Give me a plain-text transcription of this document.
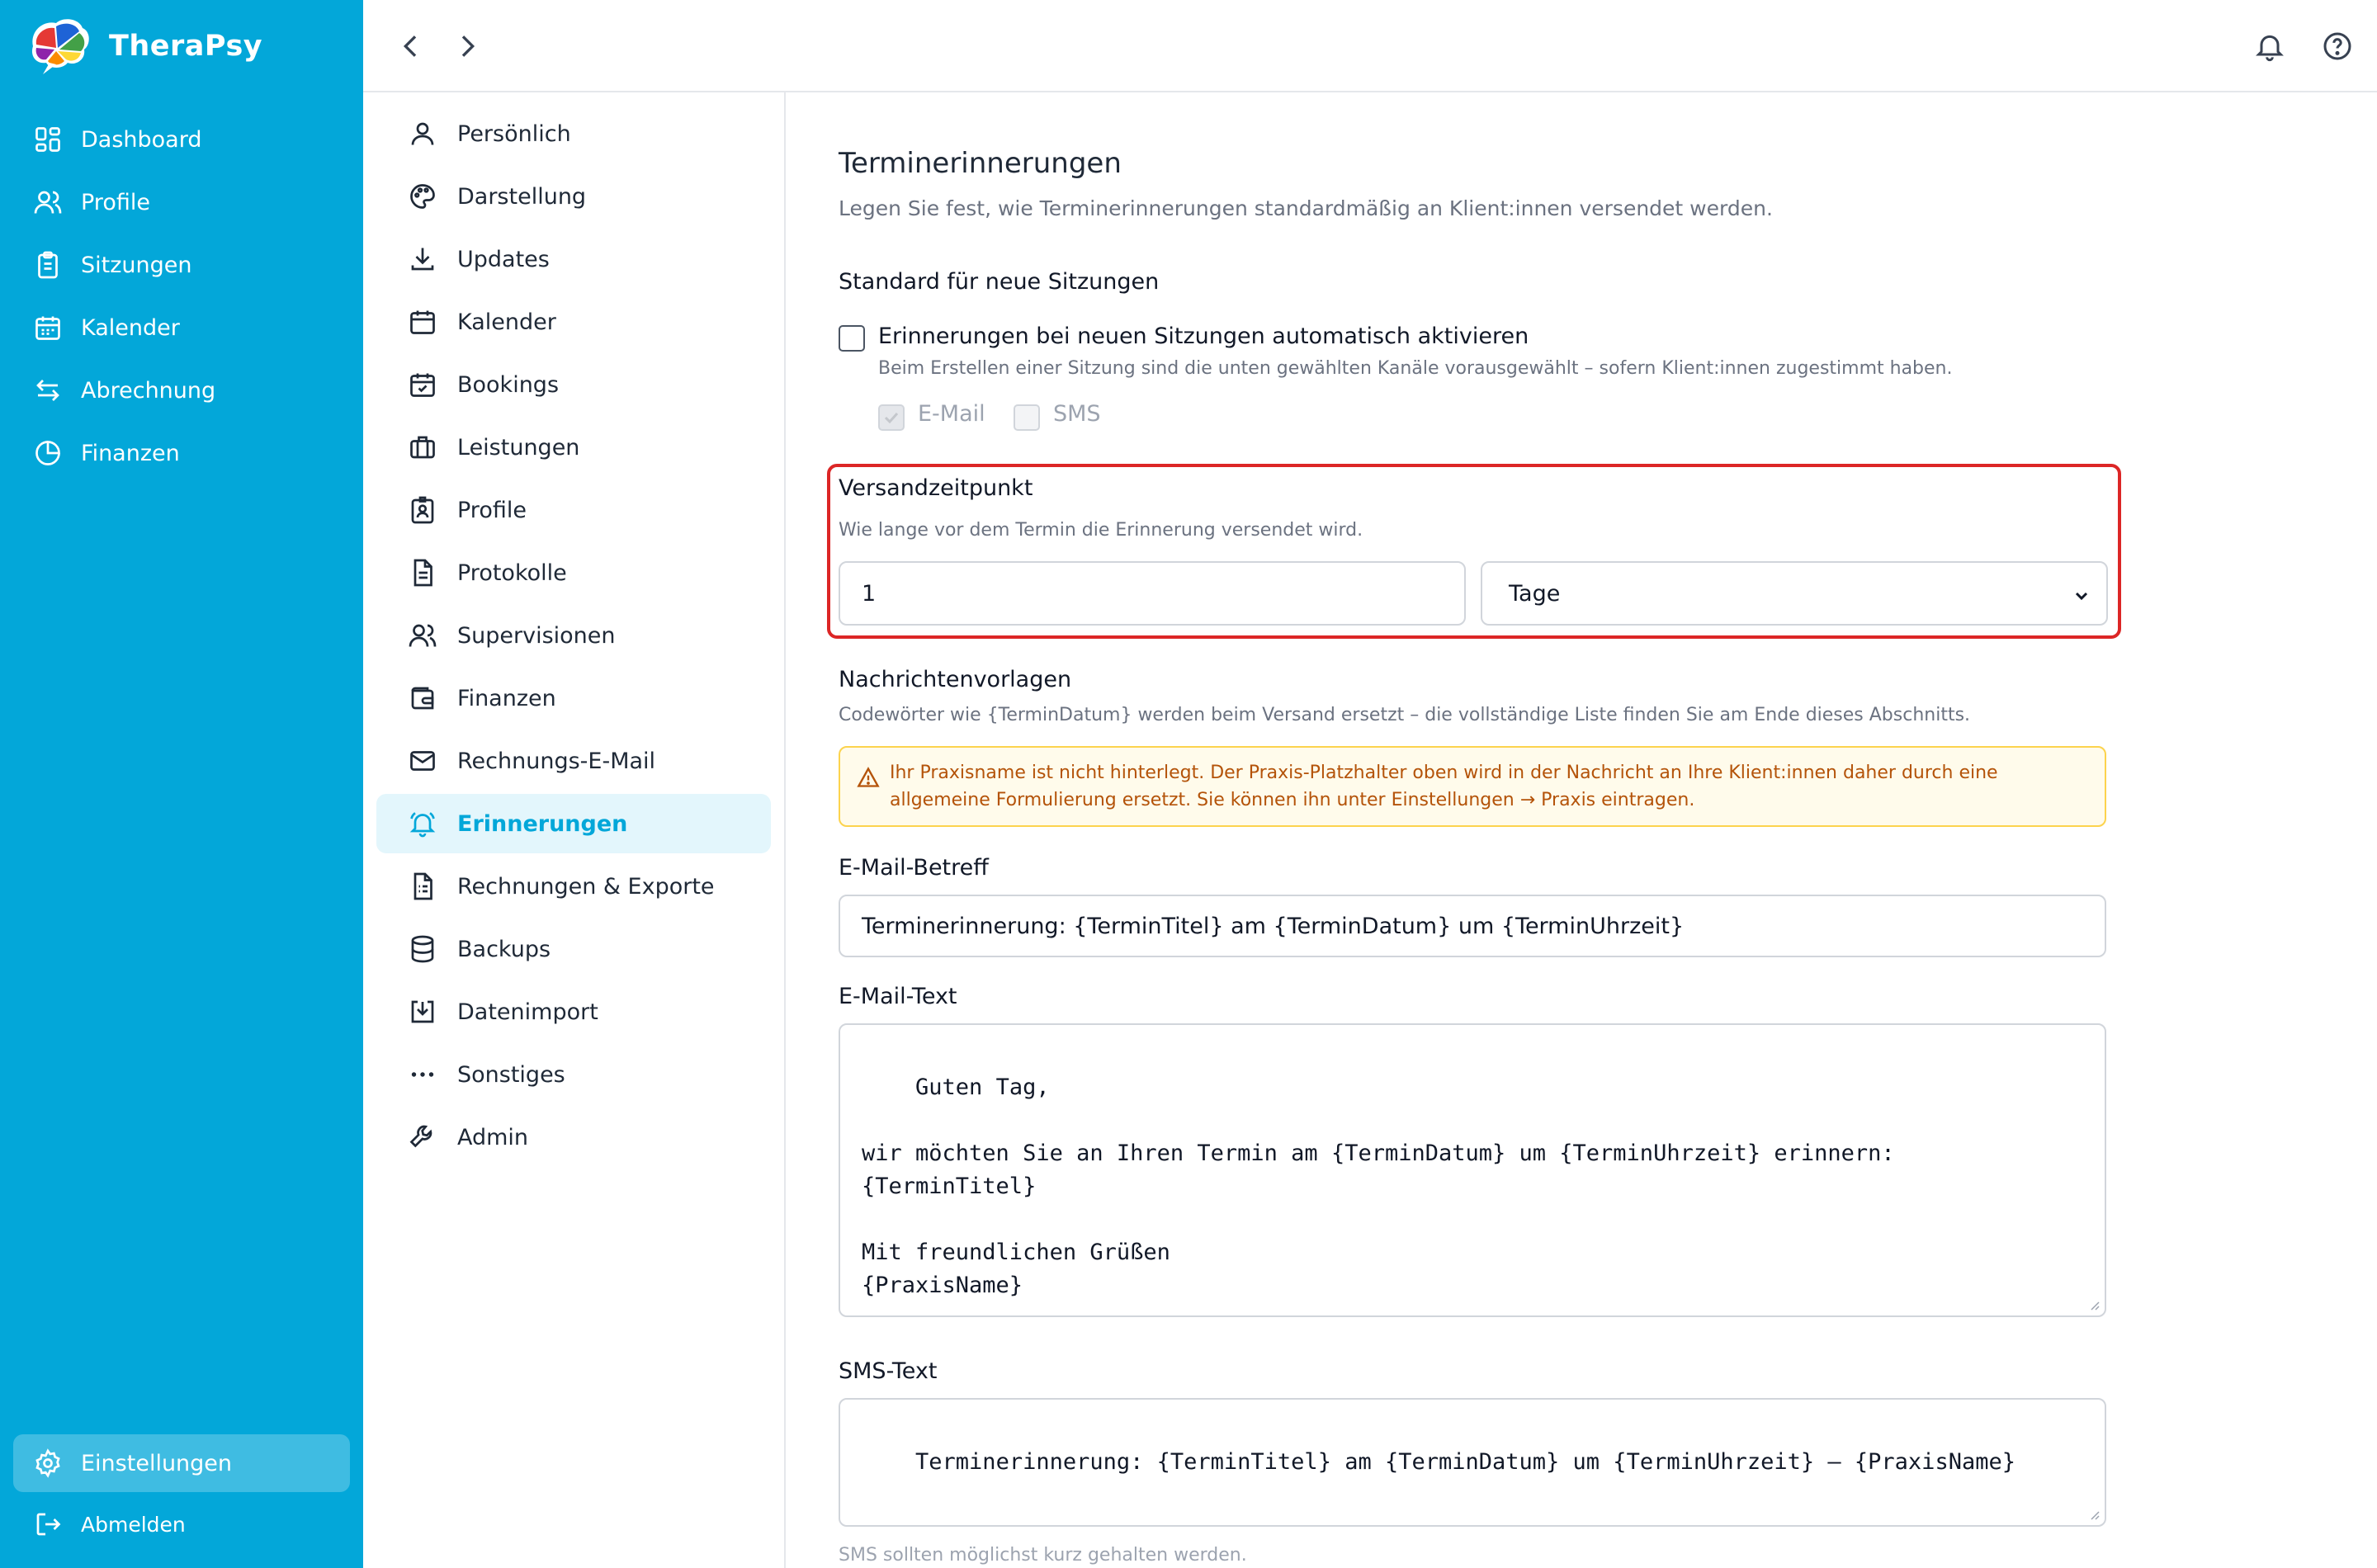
TheraPsy
Dashboard
Profile
Sitzungen
Kalender
Abrechnung
Finanzen
Einstellungen
Abmelden
Persönlich
Darstellung
Updates
Kalender
Bookings
Leistungen
Profile
Protokolle
Supervisionen
Finanzen
Rechnungs-E-Mail
Erinnerungen
Rechnungen & Exporte
Backups
Datenimport
Sonstiges
Admin
Terminerinnerungen

Legen Sie fest, wie Terminerinnerungen standardmäßig an Klient:innen versendet werden.

Standard für neue Sitzungen
Erinnerungen bei neuen Sitzungen automatisch aktivieren
Beim Erstellen einer Sitzung sind die unten gewählten Kanäle vorausgewählt – sofern Klient:innen zugestimmt haben.
E-Mail	SMS
Versandzeitpunkt
Wie lange vor dem Termin die Erinnerung versendet wird.
1	Tage
Nachrichtenvorlagen
Codewörter wie {TerminDatum} werden beim Versand ersetzt – die vollständige Liste finden Sie am Ende dieses Abschnitts.
Ihr Praxisname ist nicht hinterlegt. Der Praxis-Platzhalter oben wird in der Nachricht an Ihre Klient:innen daher durch eine allgemeine Formulierung ersetzt. Sie können ihn unter Einstellungen → Praxis eintragen.
E-Mail-Betreff
Terminerinnerung: {TerminTitel} am {TerminDatum} um {TerminUhrzeit}
E-Mail-Text

Guten Tag,

wir möchten Sie an Ihren Termin am {TerminDatum} um {TerminUhrzeit} erinnern:
{TerminTitel}

Mit freundlichen Grüßen
{PraxisName}

SMS-Text

Terminerinnerung: {TerminTitel} am {TerminDatum} um {TerminUhrzeit} – {PraxisName}

SMS sollten möglichst kurz gehalten werden.
